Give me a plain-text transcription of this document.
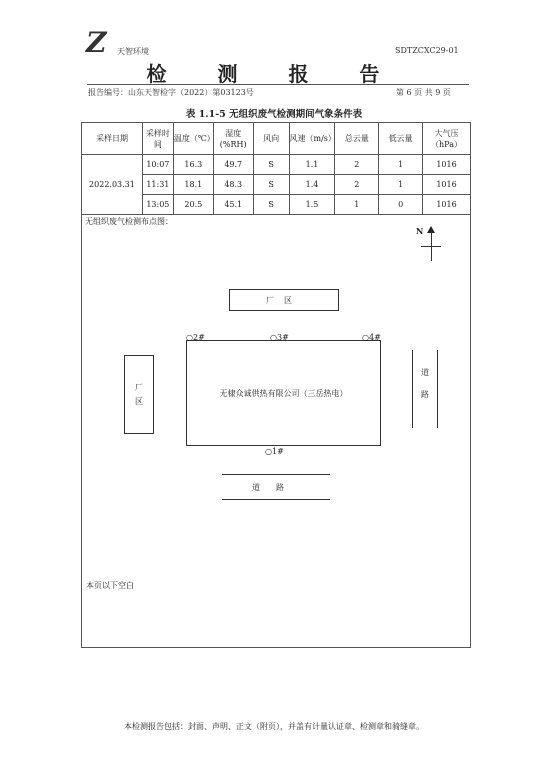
Z 天智环境	SDTZCXC29-01
检 测 报 告
报告编号：山东天智检字（2022）第03123号	第 6 页 共 9 页
表 1.1-5 无组织废气检测期间气象条件表
采样日期	采样时间	温度（℃）	湿度(%RH)	风向	风速（m/s）	总云量	低云量	大气压（hPa）
2022.03.31	10:07	16.3	49.7	S	1.1	2	1	1016
	11:31	18.1	48.3	S	1.4	2	1	1016
	13:05	20.5	45.1	S	1.5	1	0	1016
无组织废气检测布点图：
N
厂区
厂
区
无棣众诚供热有限公司（三岳热电）
○2#	○3#	○4#
○1#
道
路
道路
本页以下空白
本检测报告包括：封面、声明、正文（附页），并盖有计量认证章、检测章和骑缝章。
